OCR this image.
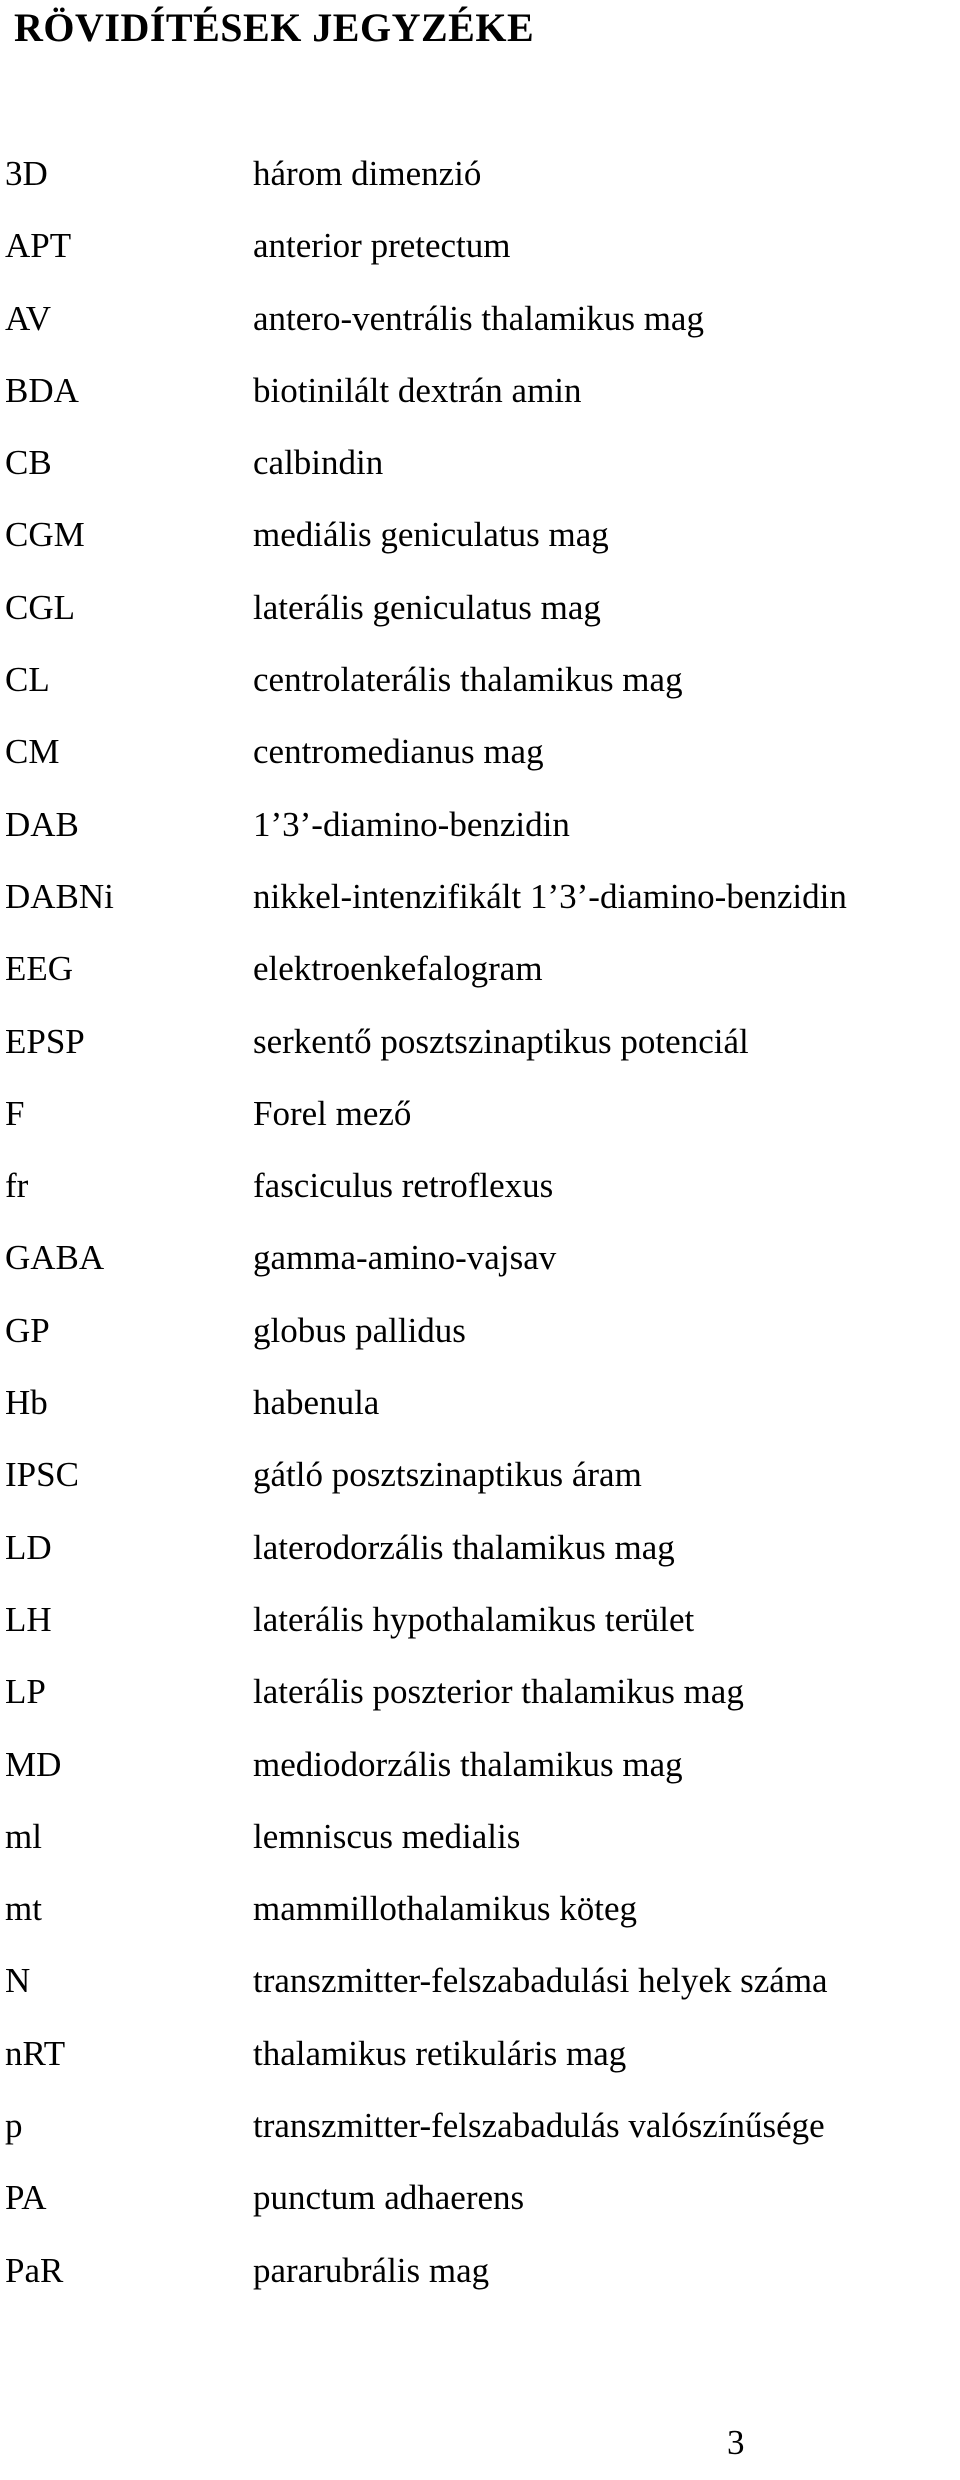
RÖVIDÍTÉSEK JEGYZÉKE
3D	három dimenzió
APT	anterior pretectum
AV	antero-ventrális thalamikus mag
BDA	biotinilált dextrán amin
CB	calbindin
CGM	mediális geniculatus mag
CGL	laterális geniculatus mag
CL	centrolaterális thalamikus mag
CM	centromedianus mag
DAB	1’3’-diamino-benzidin
DABNi	nikkel-intenzifikált 1’3’-diamino-benzidin
EEG	elektroenkefalogram
EPSP	serkentő posztszinaptikus potenciál
F	Forel mező
fr	fasciculus retroflexus
GABA	gamma-amino-vajsav
GP	globus pallidus
Hb	habenula
IPSC	gátló posztszinaptikus áram
LD	laterodorzális thalamikus mag
LH	laterális hypothalamikus terület
LP	laterális poszterior thalamikus mag
MD	mediodorzális thalamikus mag
ml	lemniscus medialis
mt	mammillothalamikus köteg
N	transzmitter-felszabadulási helyek száma
nRT	thalamikus retikuláris mag
p	transzmitter-felszabadulás valószínűsége
PA	punctum adhaerens
PaR	pararubrális mag
3
